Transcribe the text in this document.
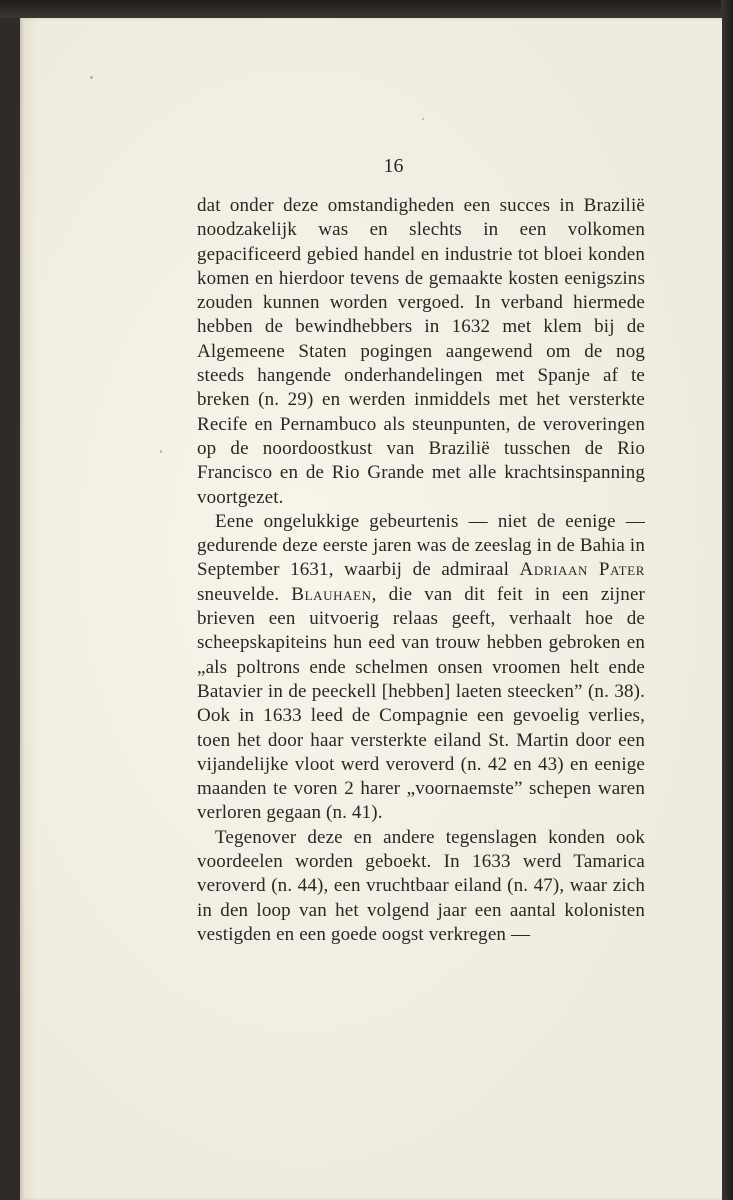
16

dat onder deze omstandigheden een succes in Brazilië noodzakelijk was en slechts in een volkomen gepacificeerd gebied handel en industrie tot bloei konden komen en hierdoor tevens de gemaakte kosten eenigszins zouden kunnen worden vergoed. In verband hiermede hebben de bewindhebbers in 1632 met klem bij de Algemeene Staten pogingen aangewend om de nog steeds hangende onderhandelingen met Spanje af te breken (n. 29) en werden inmiddels met het versterkte Recife en Pernambuco als steunpunten, de veroveringen op de noordoostkust van Brazilië tusschen de Rio Francisco en de Rio Grande met alle krachtsinspanning voortgezet.

Eene ongelukkige gebeurtenis — niet de eenige — gedurende deze eerste jaren was de zeeslag in de Bahia in September 1631, waarbij de admiraal Adriaan Pater sneuvelde. Blauhaen, die van dit feit in een zijner brieven een uitvoerig relaas geeft, verhaalt hoe de scheepskapiteins hun eed van trouw hebben gebroken en „als poltrons ende schelmen onsen vroomen helt ende Batavier in de peeckell [hebben] laeten steecken” (n. 38). Ook in 1633 leed de Compagnie een gevoelig verlies, toen het door haar versterkte eiland St. Martin door een vijandelijke vloot werd veroverd (n. 42 en 43) en eenige maanden te voren 2 harer „voornaemste” schepen waren verloren gegaan (n. 41).

Tegenover deze en andere tegenslagen konden ook voordeelen worden geboekt. In 1633 werd Tamarica veroverd (n. 44), een vruchtbaar eiland (n. 47), waar zich in den loop van het volgend jaar een aantal kolonisten vestigden en een goede oogst verkregen —
